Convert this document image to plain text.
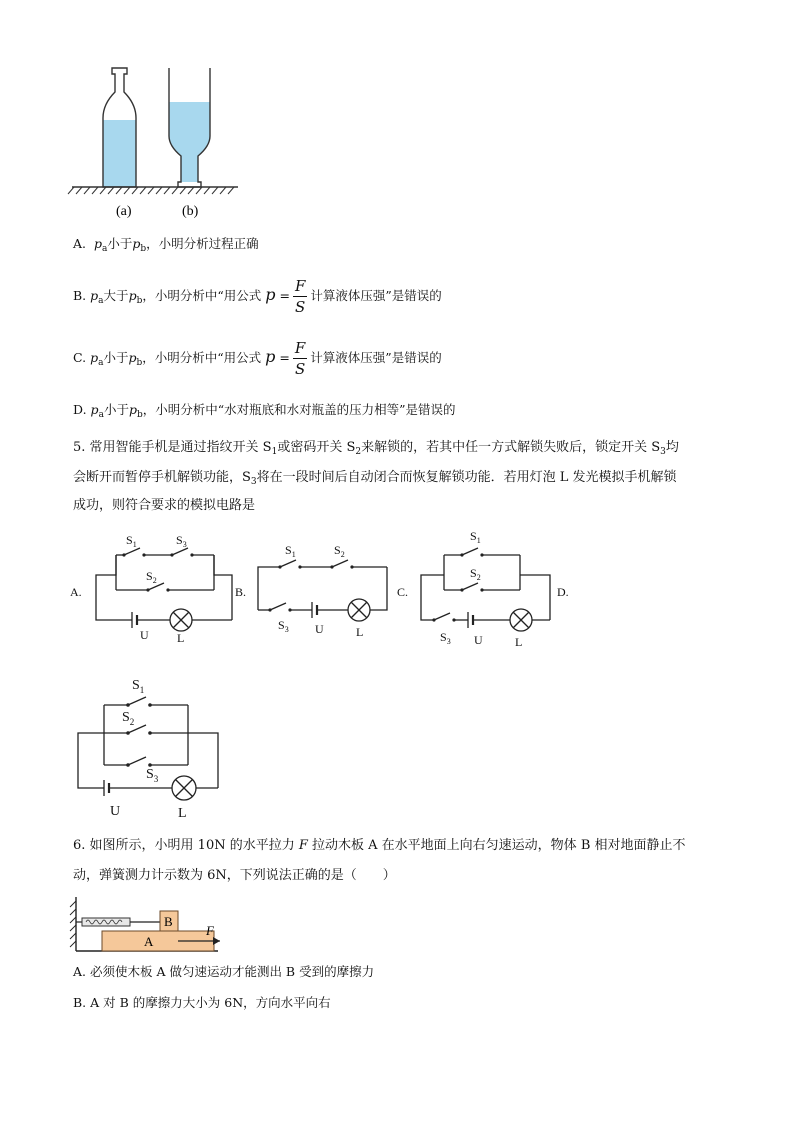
(a)	(b)
A. $p_a$小于$p_b$，小明分析过程正确
B. $p_a$大于$p_b$，小明分析中“用公式 $p = \frac{F}{S}$ 计算液体压强”是错误的
C. $p_a$小于$p_b$，小明分析中“用公式 $p = \frac{F}{S}$ 计算液体压强”是错误的
D. $p_a$小于$p_b$，小明分析中“水对瓶底和水对瓶盖的压力相等”是错误的
5. 常用智能手机是通过指纹开关 $S_1$或密码开关 $S_2$来解锁的，若其中任一方式解锁失败后，锁定开关 $S_3$均
会断开而暂停手机解锁功能，$S_3$将在一段时间后自动闭合而恢复解锁功能．若用灯泡 L 发光模拟手机解锁
成功，则符合要求的模拟电路是
A.	B.	C.	D.
$S_1$	$S_3$
$S_2$
U L
$S_1$	$S_2$
$S_3$ U	L
$S_1$
$S_2$
$S_3$ U	L
$S_1$
$S_2$
$S_3$
U	L
6. 如图所示，小明用 10N 的水平拉力 F 拉动木板 A 在水平地面上向右匀速运动，物体 B 相对地面静止不
动，弹簧测力计示数为 6N，下列说法正确的是（　　）
B
A
F
A. 必须使木板 A 做匀速运动才能测出 B 受到的摩擦力
B. A 对 B 的摩擦力大小为 6N，方向水平向右
